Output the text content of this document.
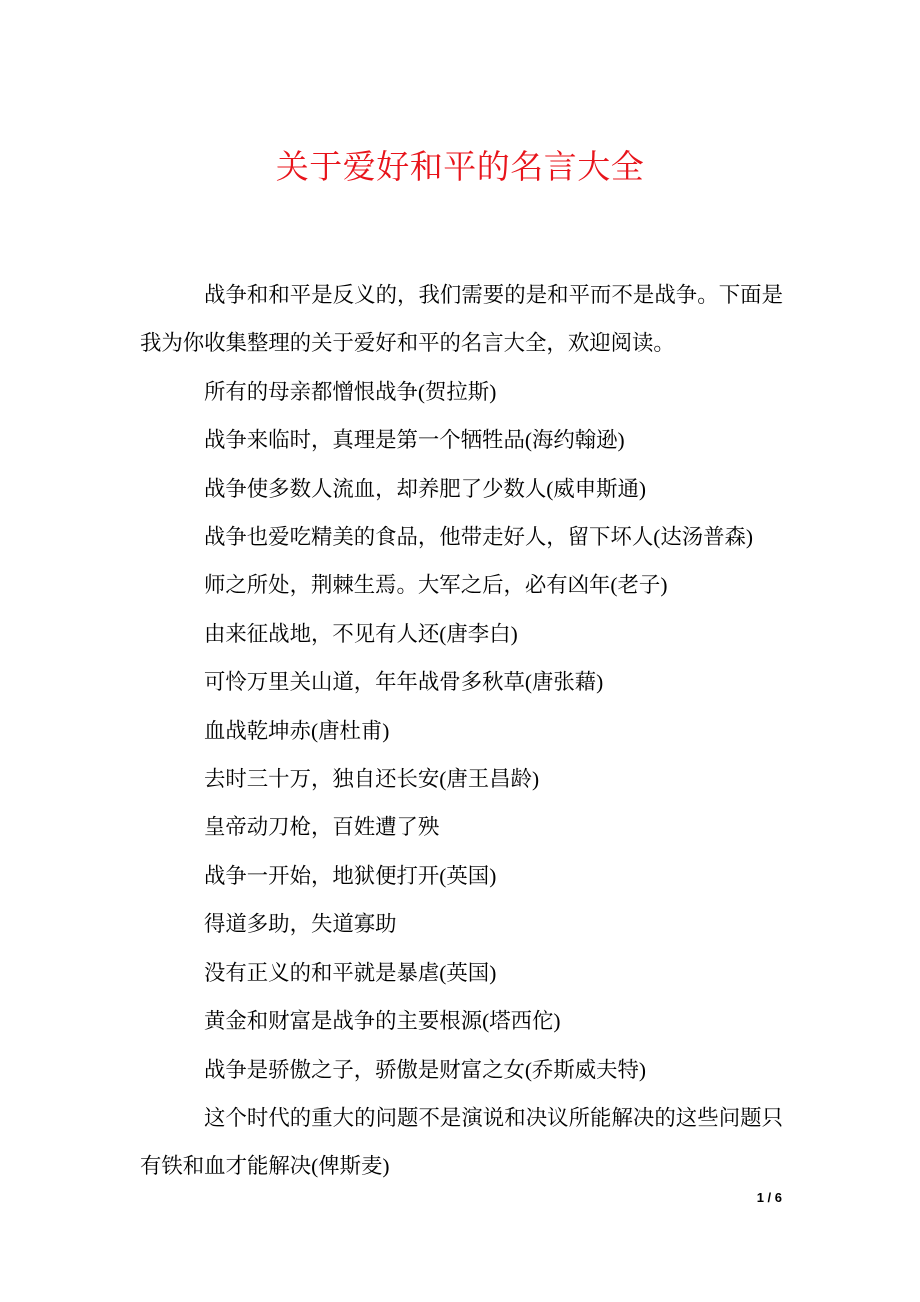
关于爱好和平的名言大全

战争和和平是反义的，我们需要的是和平而不是战争。下面是我为你收集整理的关于爱好和平的名言大全，欢迎阅读。

所有的母亲都憎恨战争(贺拉斯)

战争来临时，真理是第一个牺牲品(海约翰逊)

战争使多数人流血，却养肥了少数人(威申斯通)

战争也爱吃精美的食品，他带走好人，留下坏人(达汤普森)

师之所处，荆棘生焉。大军之后，必有凶年(老子)

由来征战地，不见有人还(唐李白)

可怜万里关山道，年年战骨多秋草(唐张藉)

血战乾坤赤(唐杜甫)

去时三十万，独自还长安(唐王昌龄)

皇帝动刀枪，百姓遭了殃

战争一开始，地狱便打开(英国)

得道多助，失道寡助

没有正义的和平就是暴虐(英国)

黄金和财富是战争的主要根源(塔西佗)

战争是骄傲之子，骄傲是财富之女(乔斯威夫特)

这个时代的重大的问题不是演说和决议所能解决的这些问题只有铁和血才能解决(俾斯麦)

1 / 6
